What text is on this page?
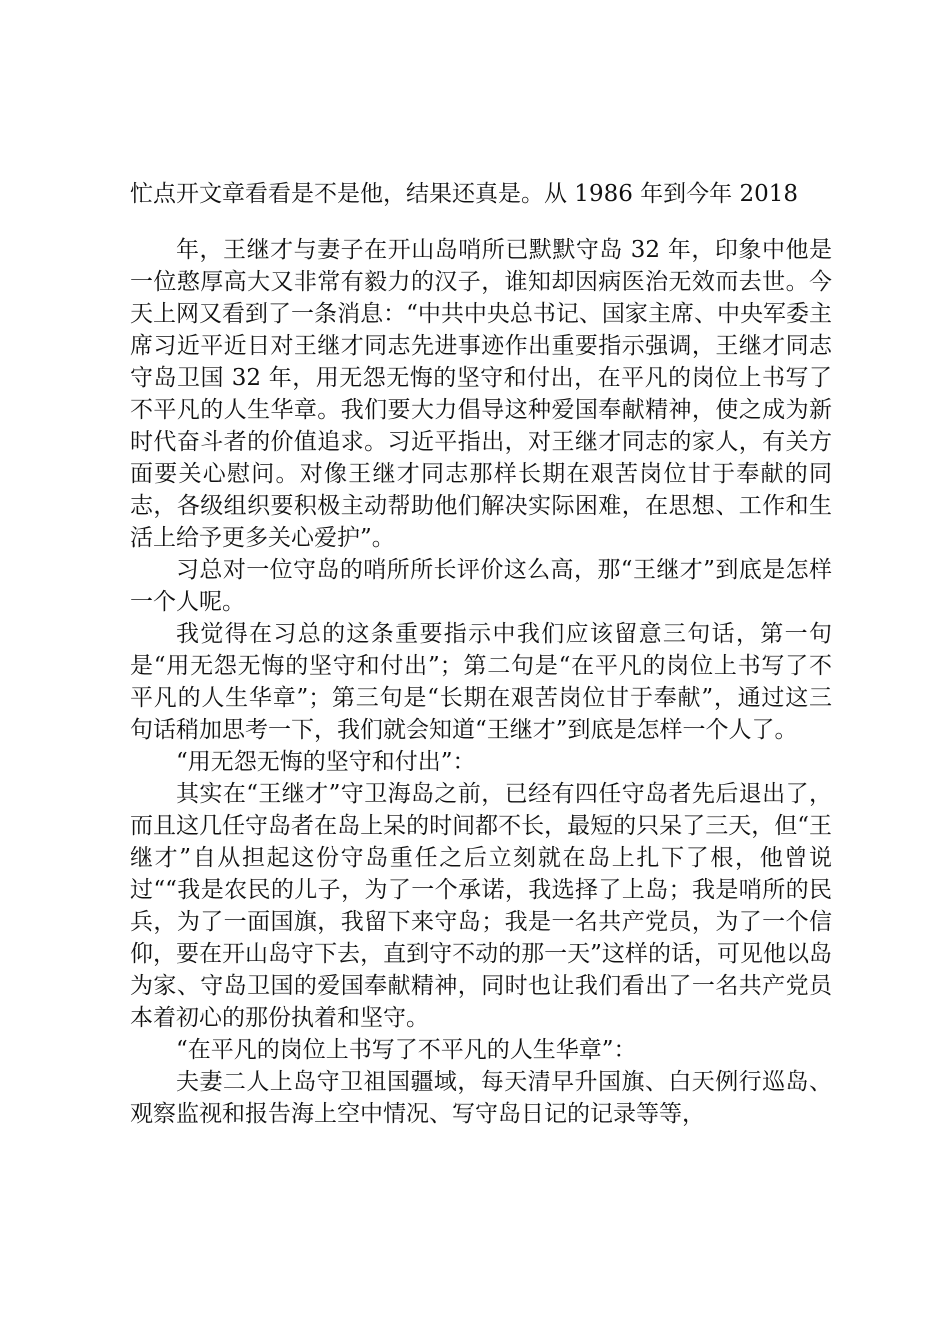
忙点开文章看看是不是他，结果还真是。从 1986 年到今年 2018

年，王继才与妻子在开山岛哨所已默默守岛 32 年，印象中他是一位憨厚高大又非常有毅力的汉子，谁知却因病医治无效而去世。今天上网又看到了一条消息：“中共中央总书记、国家主席、中央军委主席习近平近日对王继才同志先进事迹作出重要指示强调，王继才同志守岛卫国 32 年，用无怨无悔的坚守和付出，在平凡的岗位上书写了不平凡的人生华章。我们要大力倡导这种爱国奉献精神，使之成为新时代奋斗者的价值追求。习近平指出，对王继才同志的家人，有关方面要关心慰问。对像王继才同志那样长期在艰苦岗位甘于奉献的同志，各级组织要积极主动帮助他们解决实际困难，在思想、工作和生活上给予更多关心爱护”。

习总对一位守岛的哨所所长评价这么高，那“王继才”到底是怎样一个人呢。

我觉得在习总的这条重要指示中我们应该留意三句话，第一句是“用无怨无悔的坚守和付出”；第二句是“在平凡的岗位上书写了不平凡的人生华章”；第三句是“长期在艰苦岗位甘于奉献”，通过这三句话稍加思考一下，我们就会知道“王继才”到底是怎样一个人了。

“用无怨无悔的坚守和付出”：

其实在“王继才”守卫海岛之前，已经有四任守岛者先后退出了，而且这几任守岛者在岛上呆的时间都不长，最短的只呆了三天，但“王继才”自从担起这份守岛重任之后立刻就在岛上扎下了根，他曾说过““我是农民的儿子，为了一个承诺，我选择了上岛；我是哨所的民兵，为了一面国旗，我留下来守岛；我是一名共产党员，为了一个信仰，要在开山岛守下去，直到守不动的那一天”这样的话，可见他以岛为家、守岛卫国的爱国奉献精神，同时也让我们看出了一名共产党员本着初心的那份执着和坚守。

“在平凡的岗位上书写了不平凡的人生华章”：

夫妻二人上岛守卫祖国疆域，每天清早升国旗、白天例行巡岛、观察监视和报告海上空中情况、写守岛日记的记录等等，
